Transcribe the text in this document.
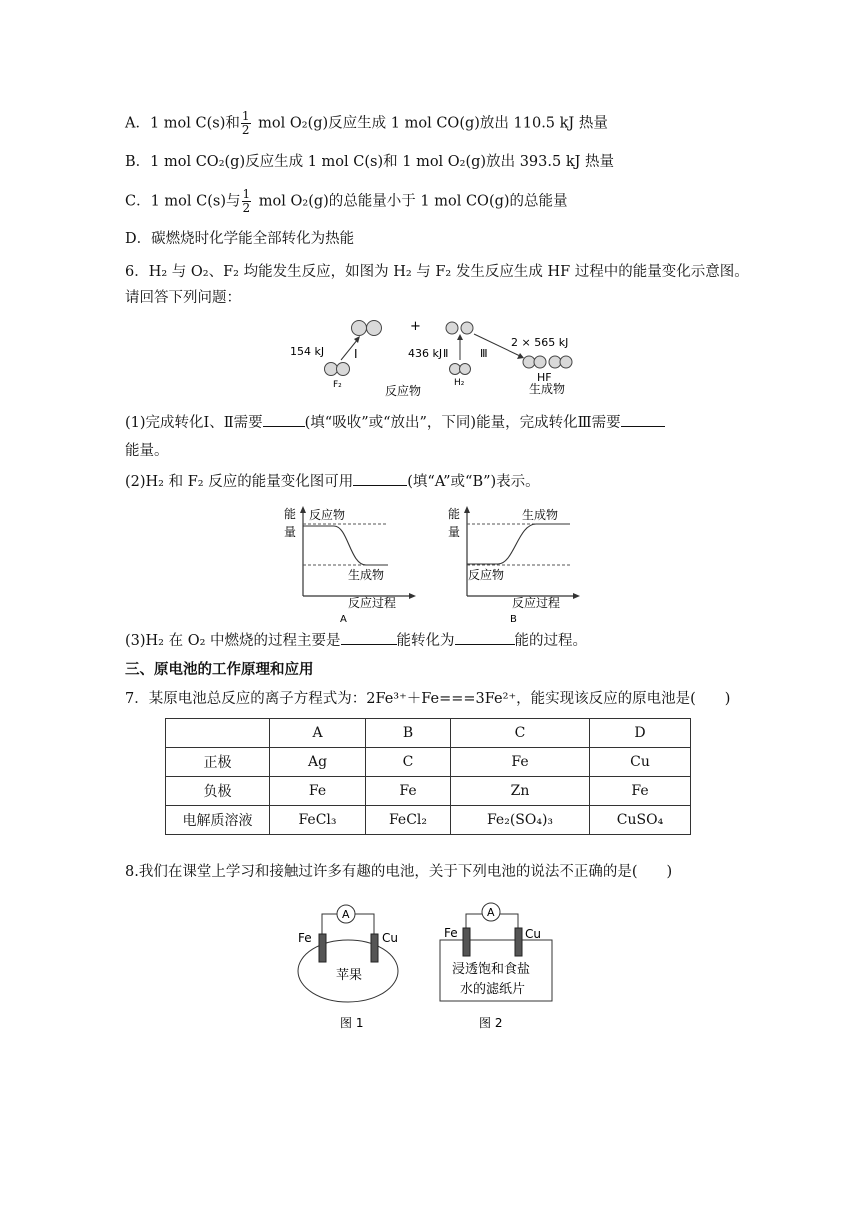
A．1 mol C(s)和 $\frac{1}{2}$ mol O₂(g)反应生成 1 mol CO(g)放出 110.5 kJ 热量
B．1 mol CO₂(g)反应生成 1 mol C(s)和 1 mol O₂(g)放出 393.5 kJ 热量
C．1 mol C(s)与 $\frac{1}{2}$ mol O₂(g)的总能量小于 1 mol CO(g)的总能量
D．碳燃烧时化学能全部转化为热能
6．H₂ 与 O₂、F₂ 均能发生反应，如图为 H₂ 与 F₂ 发生反应生成 HF 过程中的能量变化示意图。
请回答下列问题：
+
154 kJ Ⅰ	436 kJ Ⅱ	Ⅲ
2 × 565 kJ
F₂	H₂	HF
反应物	生成物
(1)完成转化Ⅰ、Ⅱ需要	(填“吸收”或“放出”，下同)能量，完成转化Ⅲ需要
能量。
(2)H₂ 和 F₂ 反应的能量变化图可用	(填“A”或“B”)表示。
能
量
反应物
生成物
反应过程
A
能
量
生成物
反应物
反应过程
B
(3)H₂ 在 O₂ 中燃烧的过程主要是	能转化为	能的过程。
三、原电池的工作原理和应用
7．某原电池总反应的离子方程式为：2Fe³⁺＋Fe===3Fe²⁺，能实现该反应的原电池是(　　)
	A	B	C	D
正极	Ag	C	Fe	Cu
负极	Fe	Fe	Zn	Fe
电解质溶液	FeCl₃	FeCl₂	Fe₂(SO₄)₃	CuSO₄
8.我们在课堂上学习和接触过许多有趣的电池，关于下列电池的说法不正确的是(　　)
A
Fe	Cu
苹果
图 1
A
Fe	Cu
浸透饱和食盐
水的滤纸片
图 2
